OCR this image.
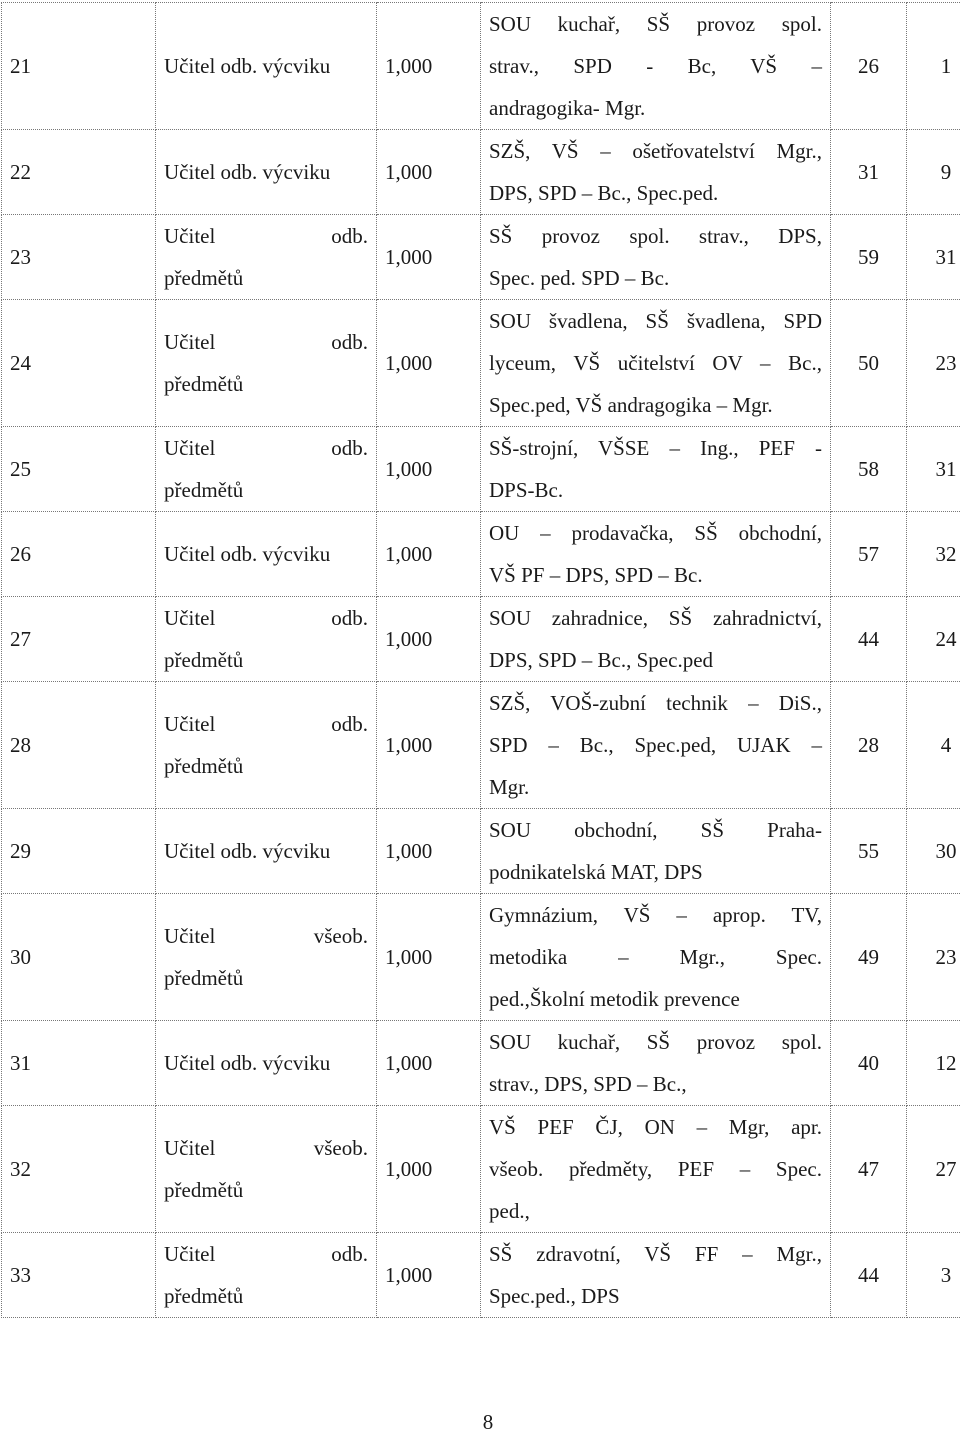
21	Učitel odb. výcviku	1,000	SOU kuchař, SŠ provoz spol.
strav., SPD - Bc, VŠ –
andragogika- Mgr.	26	1
22	Učitel odb. výcviku	1,000	SZŠ, VŠ – ošetřovatelství Mgr.,
DPS, SPD – Bc., Spec.ped.	31	9
23	Učitel odb.
předmětů	1,000	SŠ provoz spol. strav., DPS,
Spec. ped. SPD – Bc.	59	31
24	Učitel odb.
předmětů	1,000	SOU švadlena, SŠ švadlena, SPD
lyceum, VŠ učitelství OV – Bc.,
Spec.ped, VŠ andragogika – Mgr.	50	23
25	Učitel odb.
předmětů	1,000	SŠ-strojní, VŠSE – Ing., PEF -
DPS-Bc.	58	31
26	Učitel odb. výcviku	1,000	OU – prodavačka, SŠ obchodní,
VŠ PF – DPS, SPD – Bc.	57	32
27	Učitel odb.
předmětů	1,000	SOU zahradnice, SŠ zahradnictví,
DPS, SPD – Bc., Spec.ped	44	24
28	Učitel odb.
předmětů	1,000	SZŠ, VOŠ-zubní technik – DiS.,
SPD – Bc., Spec.ped, UJAK –
Mgr.	28	4
29	Učitel odb. výcviku	1,000	SOU obchodní, SŠ Praha-
podnikatelská MAT, DPS	55	30
30	Učitel všeob.
předmětů	1,000	Gymnázium, VŠ – aprop. TV,
metodika – Mgr., Spec.
ped.,Školní metodik prevence	49	23
31	Učitel odb. výcviku	1,000	SOU kuchař, SŠ provoz spol.
strav., DPS, SPD – Bc.,	40	12
32	Učitel všeob.
předmětů	1,000	VŠ PEF ČJ, ON – Mgr, apr.
všeob. předměty, PEF – Spec.
ped.,	47	27
33	Učitel odb.
předmětů	1,000	SŠ zdravotní, VŠ FF – Mgr.,
Spec.ped., DPS	44	3
8
